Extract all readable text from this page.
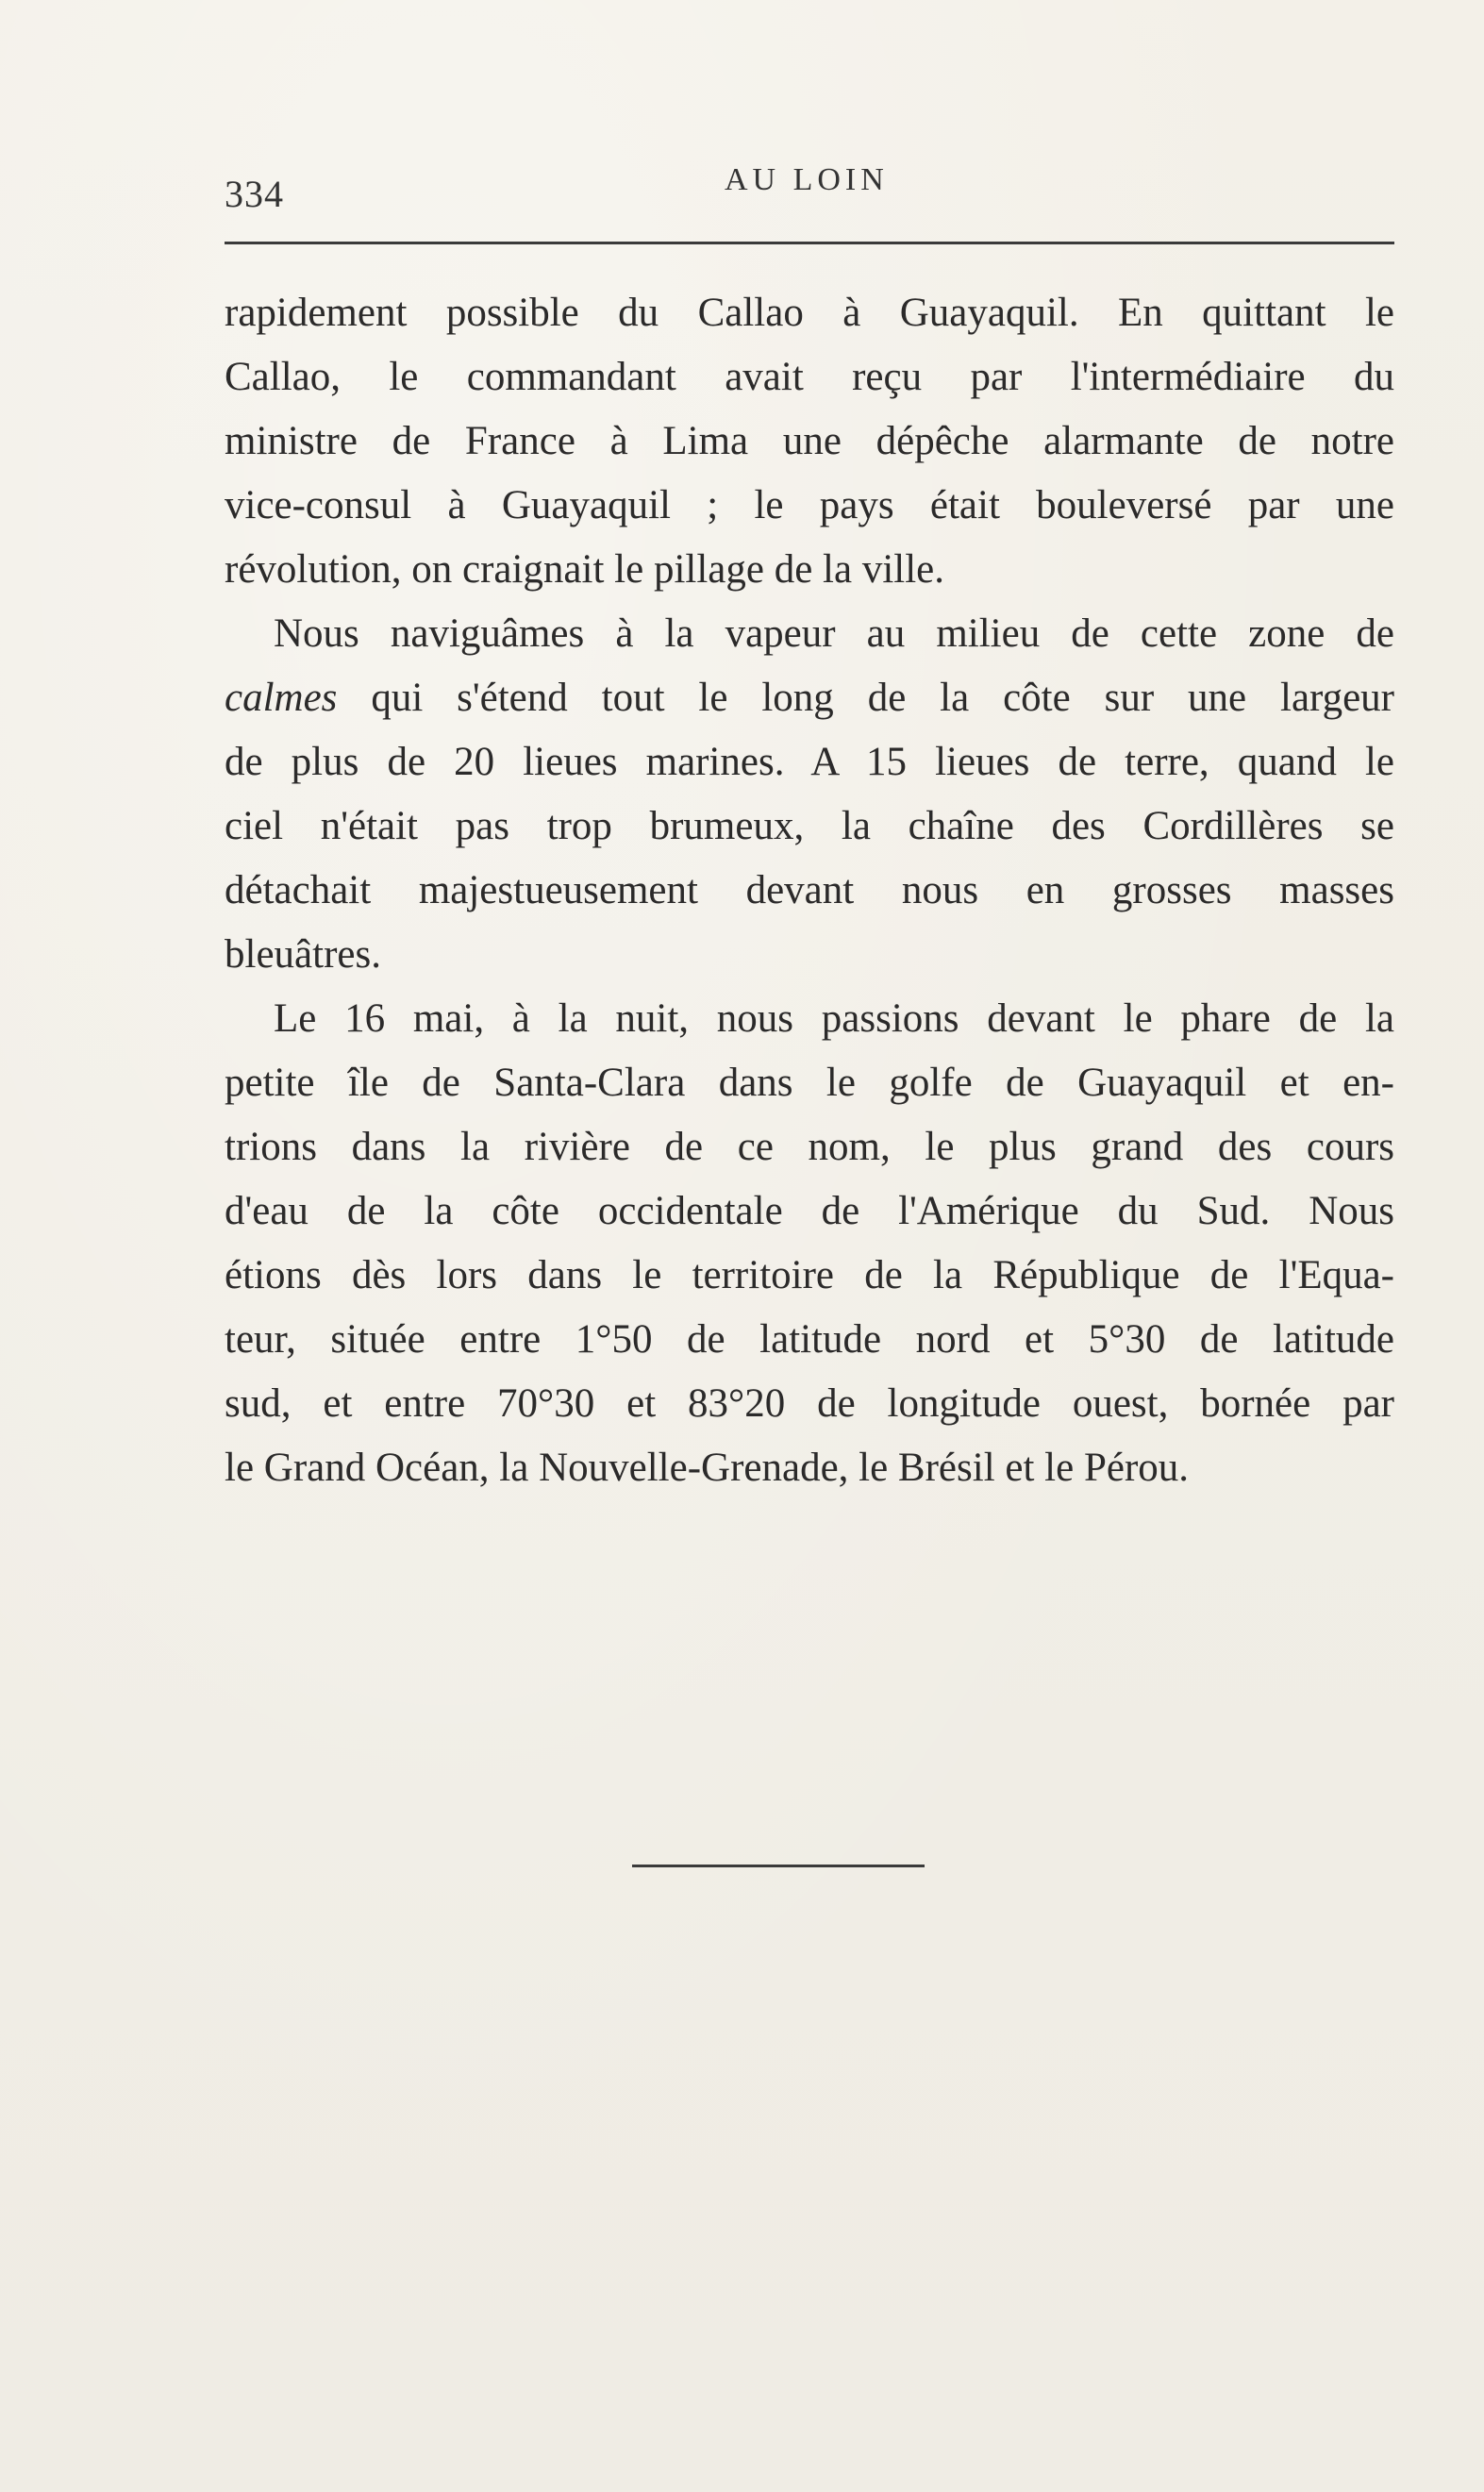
334	AU LOIN
rapidement possible du Callao à Guayaquil. En quittant le
Callao, le commandant avait reçu par l'intermédiaire du
ministre de France à Lima une dépêche alarmante de notre
vice-consul à Guayaquil ; le pays était bouleversé par une
révolution, on craignait le pillage de la ville.
Nous naviguâmes à la vapeur au milieu de cette zone de
calmes qui s'étend tout le long de la côte sur une largeur
de plus de 20 lieues marines. A 15 lieues de terre, quand le
ciel n'était pas trop brumeux, la chaîne des Cordillères se
détachait majestueusement devant nous en grosses masses
bleuâtres.
Le 16 mai, à la nuit, nous passions devant le phare de la
petite île de Santa-Clara dans le golfe de Guayaquil et en-
trions dans la rivière de ce nom, le plus grand des cours
d'eau de la côte occidentale de l'Amérique du Sud. Nous
étions dès lors dans le territoire de la République de l'Equa-
teur, située entre 1°50 de latitude nord et 5°30 de latitude
sud, et entre 70°30 et 83°20 de longitude ouest, bornée par
le Grand Océan, la Nouvelle-Grenade, le Brésil et le Pérou.
